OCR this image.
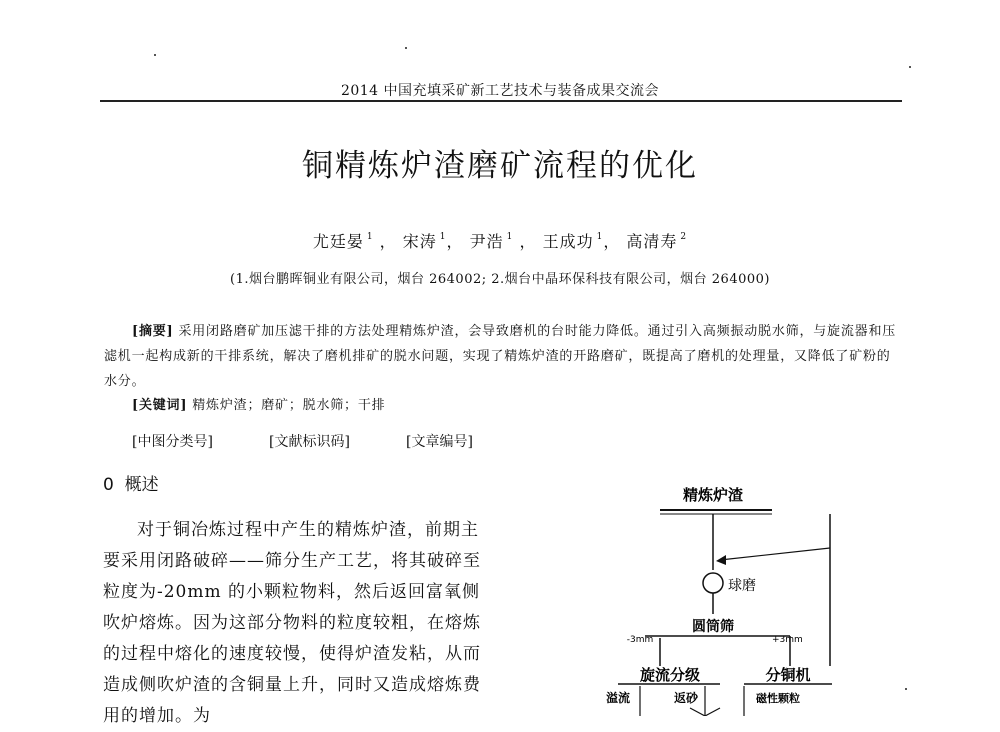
2014 中国充填采矿新工艺技术与装备成果交流会
铜精炼炉渣磨矿流程的优化
尤廷晏 $^1$ ， 宋涛 $^1$， 尹浩 $^1$ ， 王成功 $^1$， 高清寿 $^2$
(1.烟台鹏晖铜业有限公司，烟台 264002; 2.烟台中晶环保科技有限公司，烟台 264000)
[摘要] 采用闭路磨矿加压滤干排的方法处理精炼炉渣，会导致磨机的台时能力降低。通过引入高频振动脱水筛，与旋流器和压滤机一起构成新的干排系统，解决了磨机排矿的脱水问题，实现了精炼炉渣的开路磨矿，既提高了磨机的处理量，又降低了矿粉的水分。
[关键词] 精炼炉渣；磨矿；脱水筛；干排
[中图分类号]	[文献标识码]	[文章编号]
0 概述
对于铜冶炼过程中产生的精炼炉渣，前期主要采用闭路破碎——筛分生产工艺，将其破碎至粒度为-20mm 的小颗粒物料，然后返回富氧侧吹炉熔炼。因为这部分物料的粒度较粗，在熔炼的过程中熔化的速度较慢，使得炉渣发粘，从而造成侧吹炉渣的含铜量上升，同时又造成熔炼费用的增加。为
精炼炉渣
球磨
圆筒筛
-3mm	+3mm
旋流分级	分铜机
溢流	返砂	磁性颗粒
